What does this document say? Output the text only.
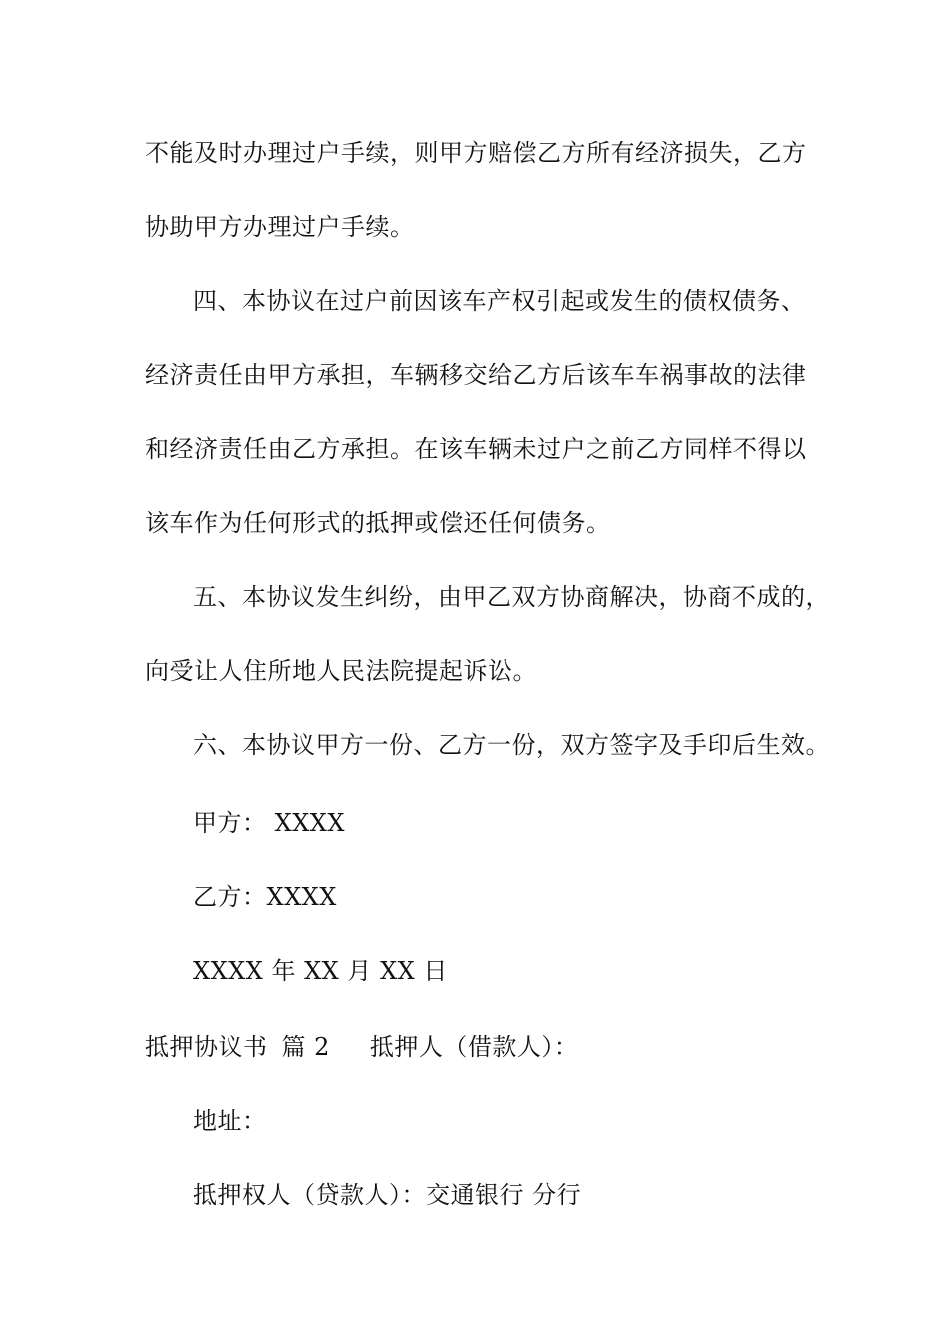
不能及时办理过户手续，则甲方赔偿乙方所有经济损失，乙方
协助甲方办理过户手续。
四、本协议在过户前因该车产权引起或发生的债权债务、
经济责任由甲方承担，车辆移交给乙方后该车车祸事故的法律
和经济责任由乙方承担。在该车辆未过户之前乙方同样不得以
该车作为任何形式的抵押或偿还任何债务。
五、本协议发生纠纷，由甲乙双方协商解决，协商不成的，
向受让人住所地人民法院提起诉讼。
六、本协议甲方一份、乙方一份，双方签字及手印后生效。
甲方： XXXX
乙方：XXXX
XXXX 年 XX 月 XX 日
抵押协议书 篇 2 抵押人（借款人）：
地址：
抵押权人（贷款人）：交通银行 分行
